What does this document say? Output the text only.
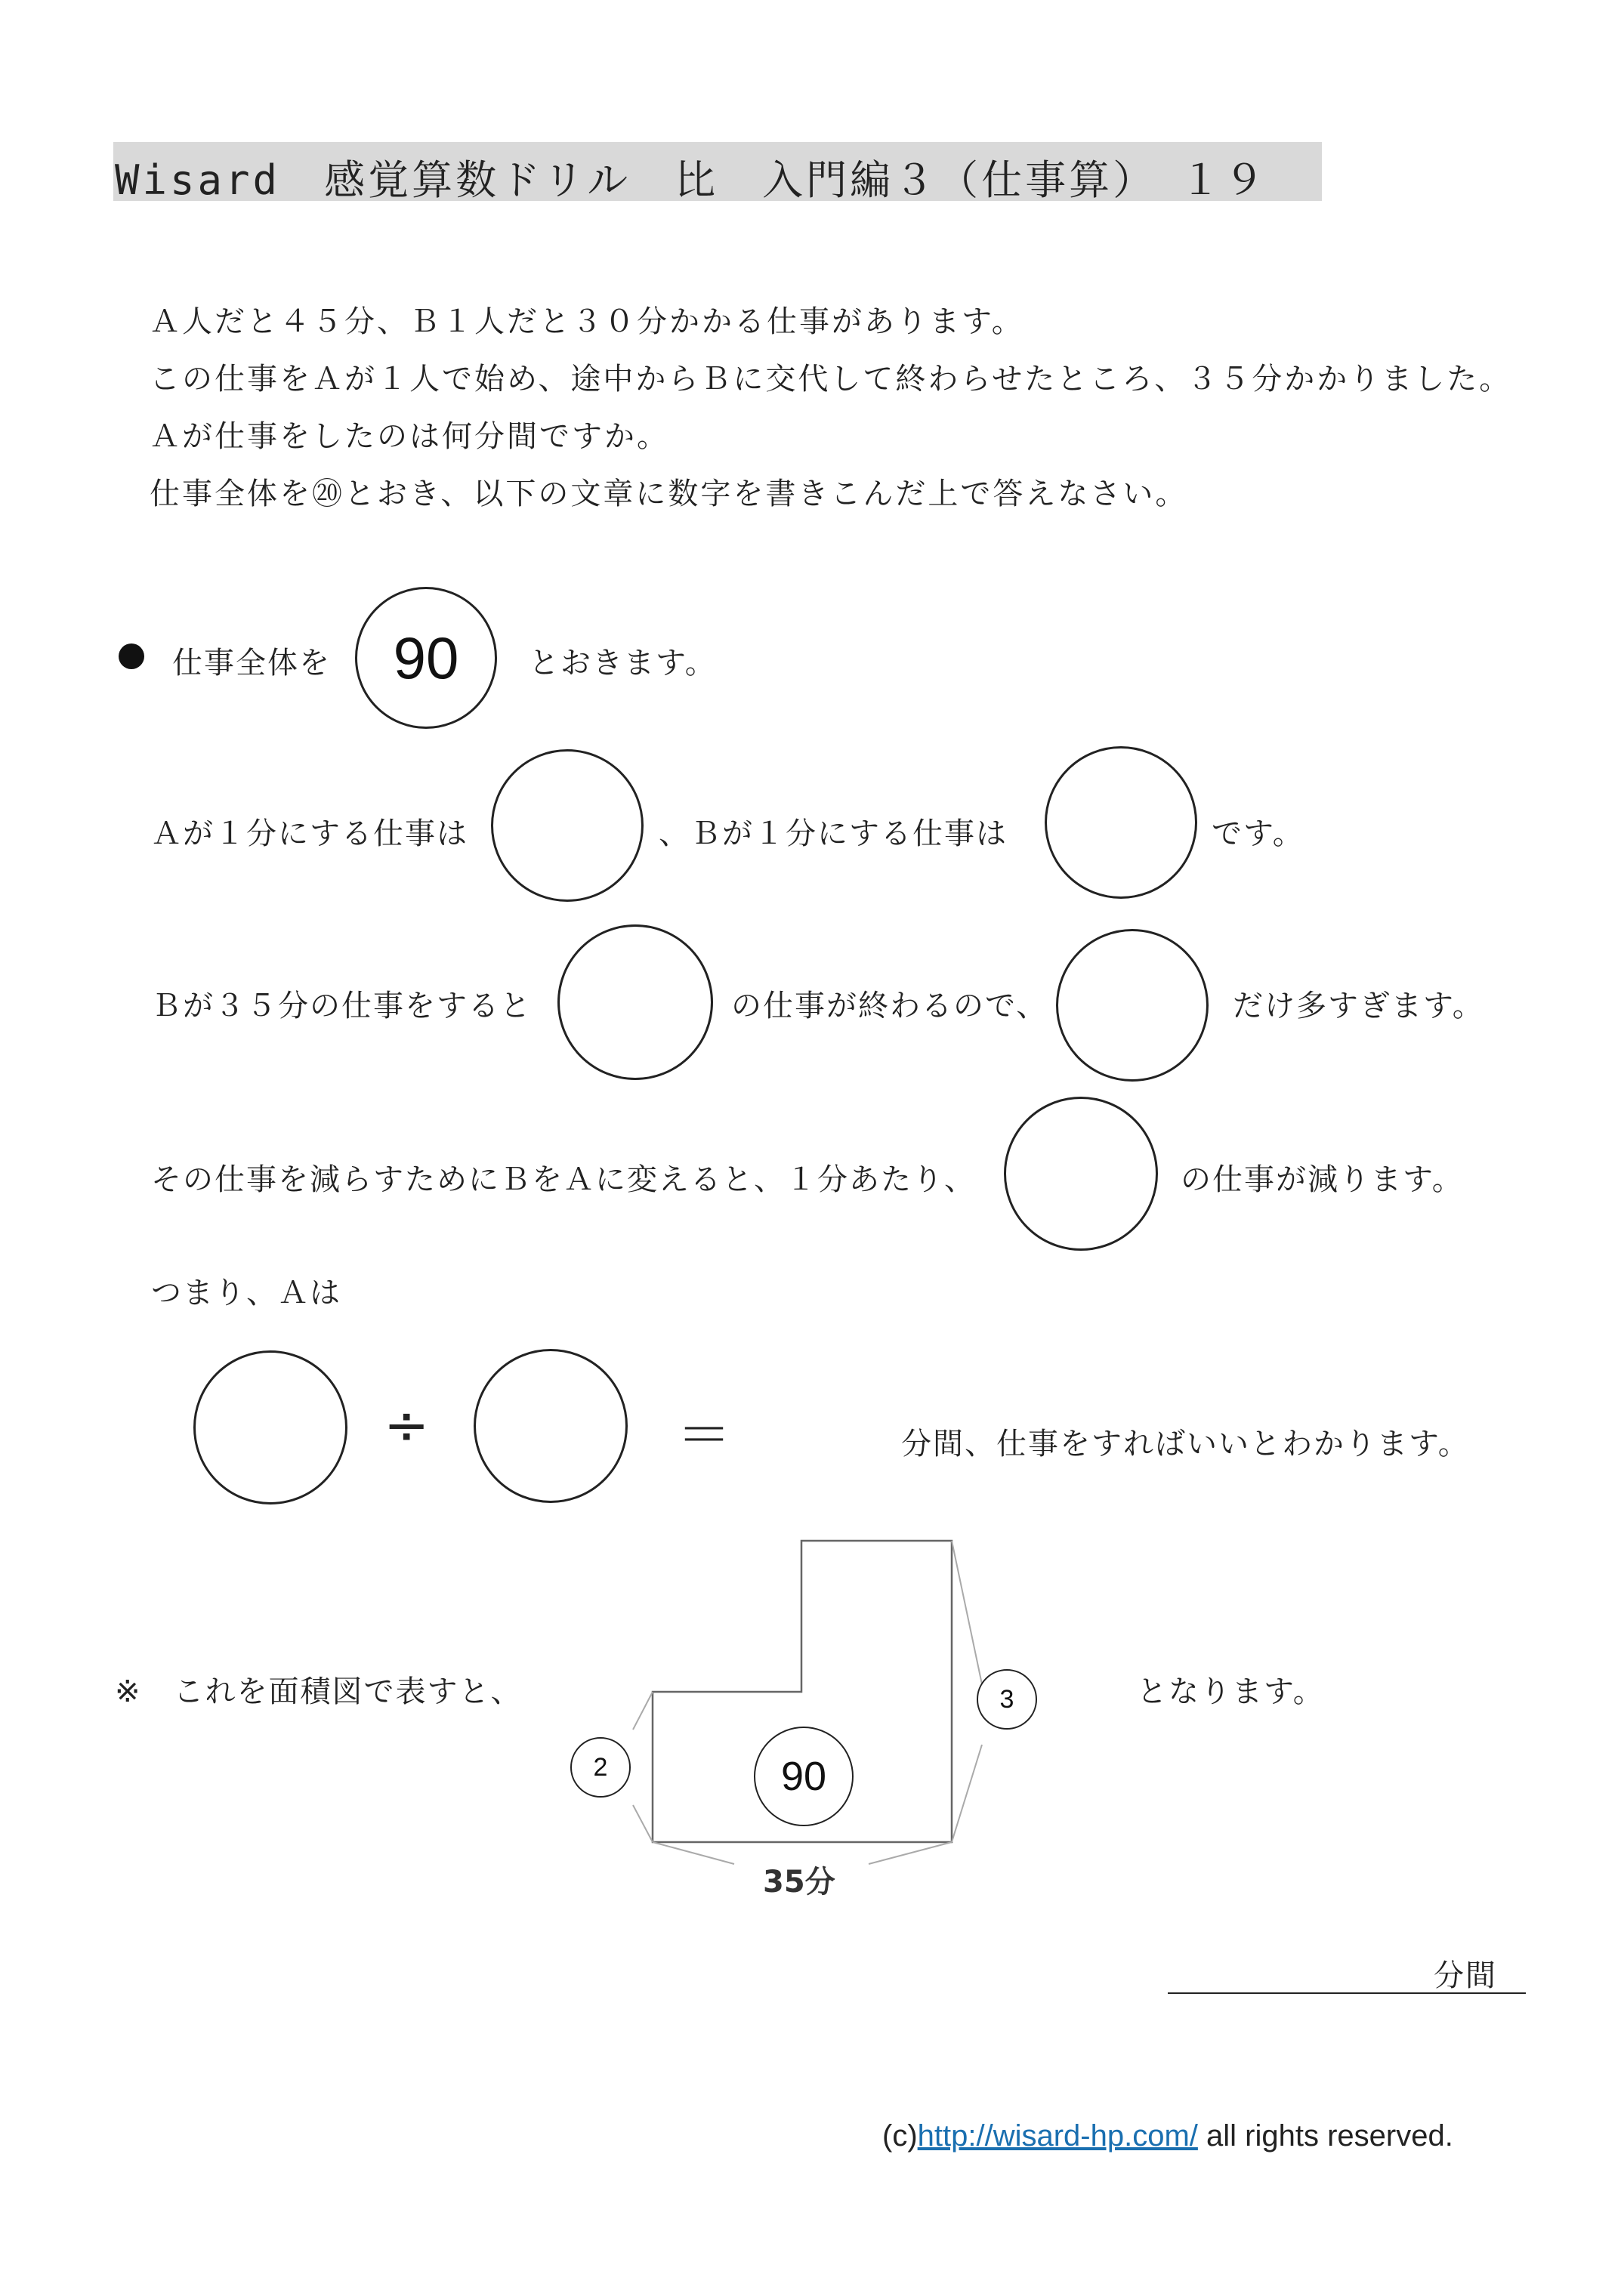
Wisard　感覚算数ドリル　比　入門編３（仕事算）　１９
Ａ人だと４５分、Ｂ１人だと３０分かかる仕事があります。
この仕事をＡが１人で始め、途中からＢに交代して終わらせたところ、３５分かかりました。
Ａが仕事をしたのは何分間ですか。
仕事全体を⑳とおき、以下の文章に数字を書きこんだ上で答えなさい。
仕事全体を	90	とおきます。
Ａが１分にする仕事は	、Ｂが１分にする仕事は	です。
Ｂが３５分の仕事をすると	の仕事が終わるので、	だけ多すぎます。
その仕事を減らすためにＢをＡに変えると、１分あたり、	の仕事が減ります。
つまり、Ａは
÷	＝	分間、仕事をすればいいとわかります。
※　これを面積図で表すと、	となります。
2
3
90
35分
分間
(c)http://wisard-hp.com/ all rights reserved.
